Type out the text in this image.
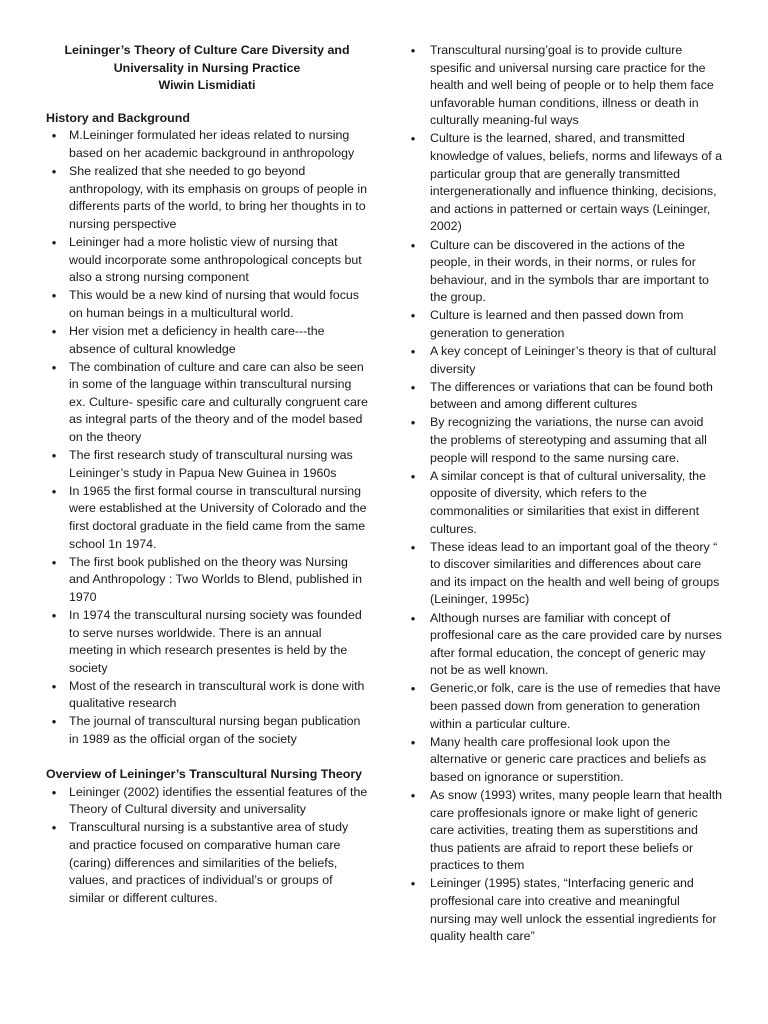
Leininger’s Theory of Culture Care Diversity and
Universality in Nursing Practice
Wiwin Lismidiati
History and Background
•
M.Leininger formulated her ideas related to nursing based on her academic background in anthropology
•
She realized that she needed to go beyond anthropology, with its emphasis on groups of people in differents parts of the world, to bring her thoughts in to nursing perspective
•
Leininger had a more holistic view of nursing that would incorporate some anthropological concepts but also a strong nursing component
•
This would be a new kind of nursing that would focus on human beings in a multicultural world.
•
Her vision met a deficiency in health care---the absence of cultural knowledge
•
The combination of culture and care can also be seen in some of the language within transcultural nursing ex. Culture- spesific care and culturally congruent care as integral parts of the theory and of the model based on the theory
•
The first research study of transcultural nursing was Leininger’s study in Papua New Guinea in 1960s
•
In 1965 the first formal course in transcultural nursing were established at the University of Colorado and the first doctoral graduate in the field came from the same school 1n 1974.
•
The first book published on the theory was Nursing and Anthropology : Two Worlds to Blend, published in 1970
•
In 1974 the transcultural nursing society was founded to serve nurses worldwide. There is an annual meeting in which research presentes is held by the society
•
Most of the research in transcultural work is done with qualitative research
•
The journal of transcultural nursing began publication in 1989 as the official organ of the society
Overview of Leininger’s Transcultural Nursing Theory
•
Leininger (2002) identifies the essential features of the Theory of Cultural diversity and universality
•
Transcultural nursing is a substantive area of study and practice focused on comparative human care (caring) differences and similarities of the beliefs, values, and practices of individual’s or groups of similar or different cultures.
•
Transcultural nursing’goal is to provide culture spesific and universal nursing care practice for the health and well being of people or to help them face unfavorable human conditions, illness or death in culturally meaning-ful ways
•
Culture is the learned, shared, and transmitted knowledge of values, beliefs, norms and lifeways of a particular group that are generally transmitted intergenerationally and influence thinking, decisions, and actions in patterned or certain ways (Leininger, 2002)
•
Culture can be discovered in the actions of the people, in their words, in their norms, or rules for behaviour, and in the symbols thar are important to the group.
•
Culture is learned and then passed down from generation to generation
•
A key concept of Leininger’s theory is that of cultural diversity
•
The differences or variations that can be found both between and among different cultures
•
By recognizing the variations, the nurse can avoid the problems of stereotyping and assuming that all people will respond to the same nursing care.
•
A similar concept is that of cultural universality, the opposite of diversity, which refers to the commonalities or similarities that exist in different cultures.
•
These ideas lead to an important goal of the theory “ to discover similarities and differences about care and its impact on the health and well being of groups (Leininger, 1995c)
•
Although nurses are familiar with concept of proffesional care as the care provided care by nurses after formal education, the concept of generic may not be as well known.
•
Generic,or folk, care is the use of remedies that have been passed down from generation to generation within a particular culture.
•
Many health care proffesional look upon the alternative or generic care practices and beliefs as based on ignorance or superstition.
•
As snow (1993) writes, many people learn that health care proffesionals ignore or make light of generic care activities, treating them as superstitions and thus patients are afraid to report these beliefs or practices to them
•
Leininger (1995) states, “Interfacing generic and proffesional care into creative and meaningful nursing may well unlock the essential ingredients for quality health care”
